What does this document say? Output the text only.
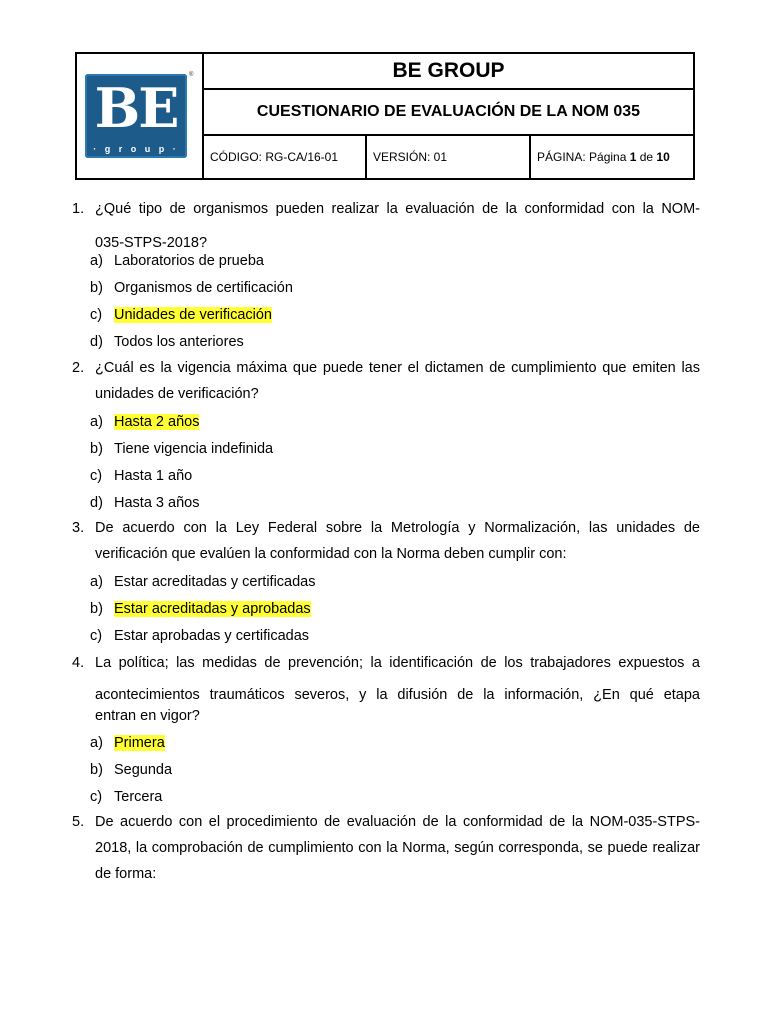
BE
· g r o u p ·
®	BE GROUP
CUESTIONARIO DE EVALUACIÓN DE LA NOM 035
CÓDIGO: RG-CA/16-01	VERSIÓN: 01	PÁGINA: Página 1 de 10
1. ¿Qué tipo de organismos pueden realizar la evaluación de la conformidad con la NOM-
035-STPS-2018?
a) Laboratorios de prueba
b) Organismos de certificación
c) Unidades de verificación
d) Todos los anteriores
2. ¿Cuál es la vigencia máxima que puede tener el dictamen de cumplimiento que emiten las unidades de verificación?
a) Hasta 2 años
b) Tiene vigencia indefinida
c) Hasta 1 año
d) Hasta 3 años
3. De acuerdo con la Ley Federal sobre la Metrología y Normalización, las unidades de verificación que evalúen la conformidad con la Norma deben cumplir con:
a) Estar acreditadas y certificadas
b) Estar acreditadas y aprobadas
c) Estar aprobadas y certificadas
4. La política; las medidas de prevención; la identificación de los trabajadores expuestos a
acontecimientos traumáticos severos, y la difusión de la información, ¿En qué etapa
entran en vigor?
a) Primera
b) Segunda
c) Tercera
5. De acuerdo con el procedimiento de evaluación de la conformidad de la NOM-035-STPS-2018, la comprobación de cumplimiento con la Norma, según corresponda, se puede realizar de forma:
